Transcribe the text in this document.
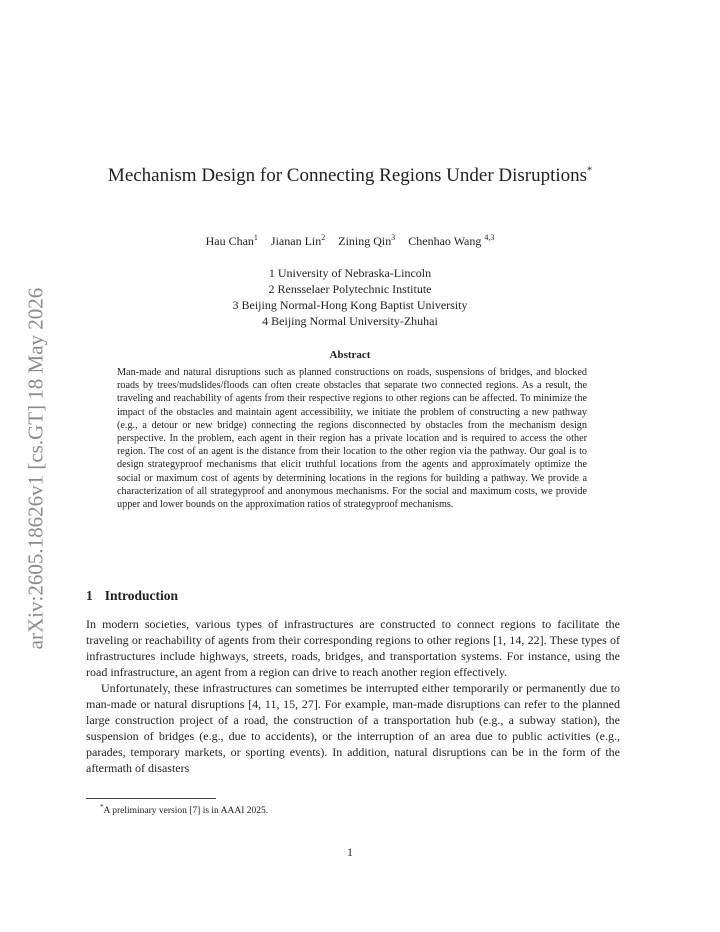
arXiv:2605.18626v1 [cs.GT] 18 May 2026
Mechanism Design for Connecting Regions Under Disruptions*
Hau Chan$^1$ Jianan Lin$^2$ Zining Qin$^3$ Chenhao Wang $^{4,3}$
1 University of Nebraska-Lincoln
2 Rensselaer Polytechnic Institute
3 Beijing Normal-Hong Kong Baptist University
4 Beijing Normal University-Zhuhai
Abstract

Man-made and natural disruptions such as planned constructions on roads, suspensions of bridges, and blocked roads by trees/mudslides/floods can often create obstacles that separate two connected regions. As a result, the traveling and reachability of agents from their respective regions to other regions can be affected. To minimize the impact of the obstacles and maintain agent accessibility, we initiate the problem of constructing a new pathway (e.g., a detour or new bridge) connecting the regions disconnected by obstacles from the mechanism design perspective. In the problem, each agent in their region has a private location and is required to access the other region. The cost of an agent is the distance from their location to the other region via the pathway. Our goal is to design strategyproof mechanisms that elicit truthful locations from the agents and approximately optimize the social or maximum cost of agents by determining locations in the regions for building a pathway. We provide a characterization of all strategyproof and anonymous mechanisms. For the social and maximum costs, we provide upper and lower bounds on the approximation ratios of strategyproof mechanisms.

1 Introduction

In modern societies, various types of infrastructures are constructed to connect regions to facilitate the traveling or reachability of agents from their corresponding regions to other regions [1, 14, 22]. These types of infrastructures include highways, streets, roads, bridges, and transportation systems. For instance, using the road infrastructure, an agent from a region can drive to reach another region effectively.

Unfortunately, these infrastructures can sometimes be interrupted either temporarily or permanently due to man-made or natural disruptions [4, 11, 15, 27]. For example, man-made disruptions can refer to the planned large construction project of a road, the construction of a transportation hub (e.g., a subway station), the suspension of bridges (e.g., due to accidents), or the interruption of an area due to public activities (e.g., parades, temporary markets, or sporting events). In addition, natural disruptions can be in the form of the aftermath of disasters

*A preliminary version [7] is in AAAI 2025.
1
